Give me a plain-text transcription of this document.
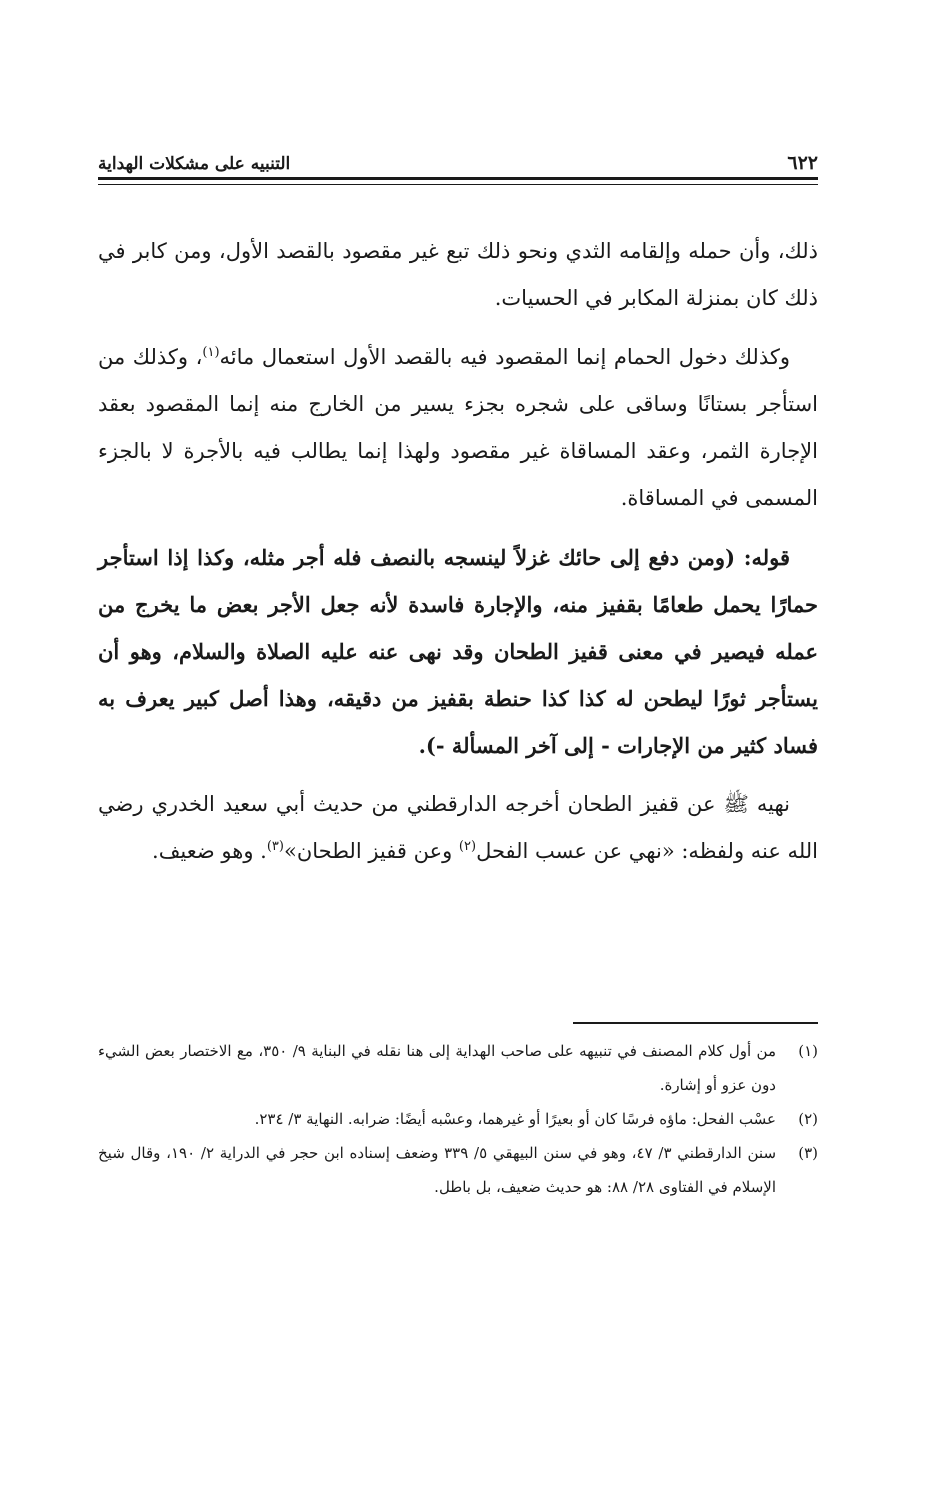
٦٢٢
التنبيه على مشكلات الهداية

ذلك، وأن حمله وإلقامه الثدي ونحو ذلك تبع غير مقصود بالقصد الأول، ومن كابر في ذلك كان بمنزلة المكابر في الحسيات.

وكذلك دخول الحمام إنما المقصود فيه بالقصد الأول استعمال مائه$^{(١)}$، وكذلك من استأجر بستانًا وساقى على شجره بجزء يسير من الخارج منه إنما المقصود بعقد الإجارة الثمر، وعقد المساقاة غير مقصود ولهذا إنما يطالب فيه بالأجرة لا بالجزء المسمى في المساقاة.

قوله: (ومن دفع إلى حائك غزلاً لينسجه بالنصف فله أجر مثله، وكذا إذا استأجر حمارًا يحمل طعامًا بقفيز منه، والإجارة فاسدة لأنه جعل الأجر بعض ما يخرج من عمله فيصير في معنى قفيز الطحان وقد نهى عنه عليه الصلاة والسلام، وهو أن يستأجر ثورًا ليطحن له كذا كذا حنطة بقفيز من دقيقه، وهذا أصل كبير يعرف به فساد كثير من الإجارات - إلى آخر المسألة -).

نهيه ﷺ عن قفيز الطحان أخرجه الدارقطني من حديث أبي سعيد الخدري رضي الله عنه ولفظه: «نهي عن عسب الفحل$^{(٢)}$ وعن قفيز الطحان»$^{(٣)}$. وهو ضعيف.

(١)
من أول كلام المصنف في تنبيهه على صاحب الهداية إلى هنا نقله في البناية ٩/ ٣٥٠، مع الاختصار بعض الشيء دون عزو أو إشارة.
(٢)
عسْب الفحل: ماؤه فرسًا كان أو بعيرًا أو غيرهما، وعسْبه أيضًا: ضرابه. النهاية ٣/ ٢٣٤.
(٣)
سنن الدارقطني ٣/ ٤٧، وهو في سنن البيهقي ٥/ ٣٣٩ وضعف إسناده ابن حجر في الدراية ٢/ ١٩٠، وقال شيخ الإسلام في الفتاوى ٢٨/ ٨٨: هو حديث ضعيف، بل باطل.
